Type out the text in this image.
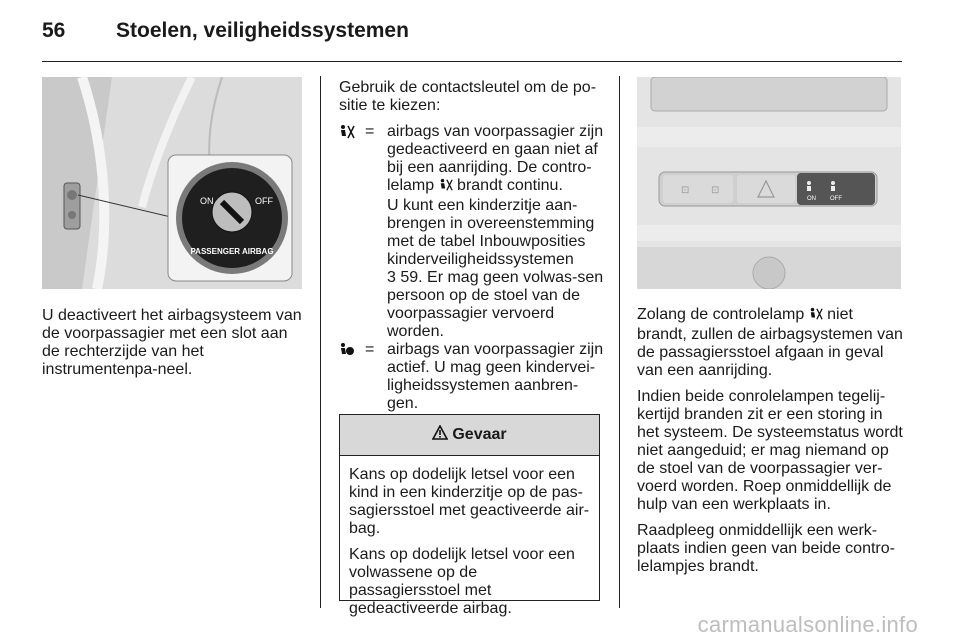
56	Stoelen, veiligheidssystemen
ON	OFF
PASSENGER AIRBAG

U deactiveert het airbagsysteem van de voorpassagier met een slot aan de rechterzijde van het instrumentenpa-neel.

Gebruik de contactsleutel om de po-sitie te kiezen:

= airbags van voorpassagier zijn gedeactiveerd en gaan niet af bij een aanrijding. De contro-lelamp brandt continu.
U kunt een kinderzitje aan-brengen in overeenstemming met de tabel Inbouwposities kinderveiligheidssystemen
3 59. Er mag geen volwas-sen persoon op de stoel van de voorpassagier vervoerd worden.
= airbags van voorpassagier zijn actief. U mag geen kindervei-ligheidssystemen aanbren-gen.
Gevaar

Kans op dodelijk letsel voor een kind in een kinderzitje op de pas-sagiersstoel met geactiveerde air-bag.

Kans op dodelijk letsel voor een volwassene op de passagiersstoel met gedeactiveerde airbag.

⊡ ⊡
ON OFF

Zolang de controlelamp niet brandt, zullen de airbagsystemen van de passagiersstoel afgaan in geval van een aanrijding.

Indien beide conrolelampen tegelij-kertijd branden zit er een storing in het systeem. De systeemstatus wordt niet aangeduid; er mag niemand op de stoel van de voorpassagier ver-voerd worden. Roep onmiddellijk de hulp van een werkplaats in.

Raadpleeg onmiddellijk een werk-plaats indien geen van beide contro-lelampjes brandt.

carmanualsonline.info
